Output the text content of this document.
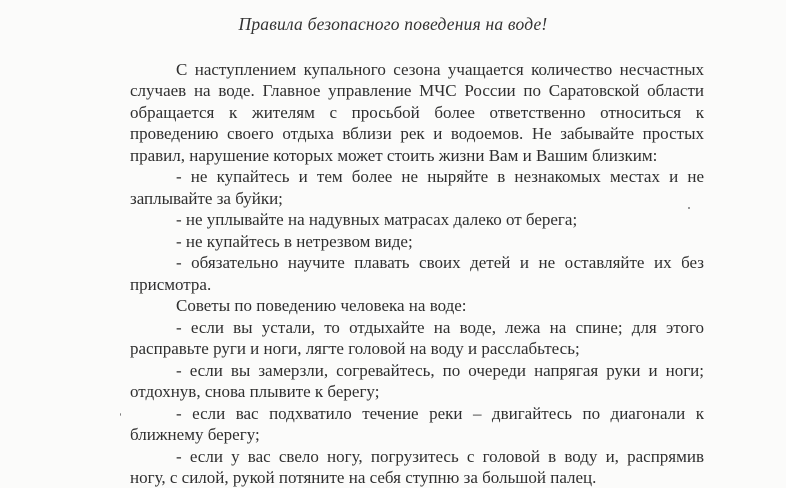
Правила безопасного поведения на воде!
С наступлением купального сезона учащается количество несчастных
случаев на воде. Главное управление МЧС России по Саратовской области
обращается к жителям с просьбой более ответственно относиться к
проведению своего отдыха вблизи рек и водоемов. Не забывайте простых
правил, нарушение которых может стоить жизни Вам и Вашим близким:
- не купайтесь и тем более не ныряйте в незнакомых местах и не
заплывайте за буйки;
- не уплывайте на надувных матрасах далеко от берега;
- не купайтесь в нетрезвом виде;
- обязательно научите плавать своих детей и не оставляйте их без
присмотра.
Советы по поведению человека на воде:
- если вы устали, то отдыхайте на воде, лежа на спине; для этого
расправьте руги и ноги, лягте головой на воду и расслабьтесь;
- если вы замерзли, согревайтесь, по очереди напрягая руки и ноги;
отдохнув, снова плывите к берегу;
- если вас подхватило течение реки – двигайтесь по диагонали к
ближнему берегу;
- если у вас свело ногу, погрузитесь с головой в воду и, распрямив
ногу, с силой, рукой потяните на себя ступню за большой палец.
